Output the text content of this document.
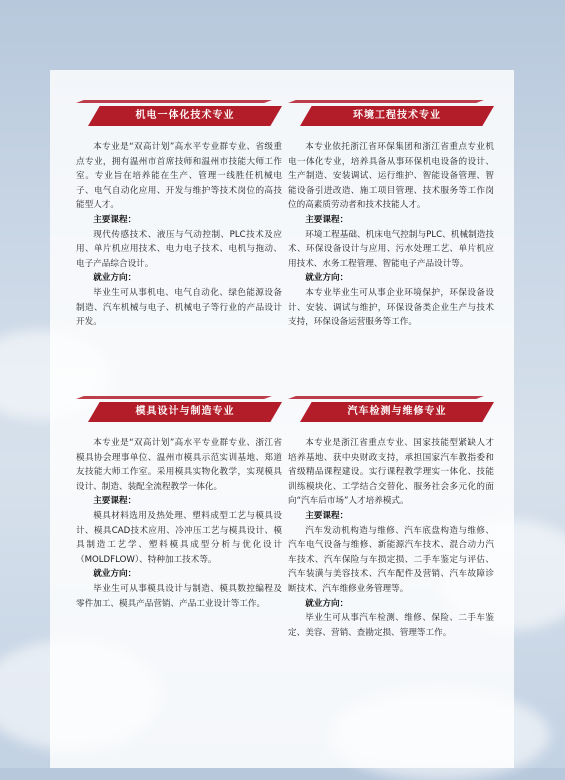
机电一体化技术专业

本专业是“双高计划”高水平专业群专业、省级重点专业，拥有温州市首席技师和温州市技能大师工作室。专业旨在培养能在生产、管理一线胜任机械电子、电气自动化应用、开发与维护等技术岗位的高技能型人才。

主要课程：

现代传感技术、液压与气动控制、PLC技术及应用、单片机应用技术、电力电子技术、电机与拖动、电子产品综合设计。

就业方向：

毕业生可从事机电、电气自动化、绿色能源设备制造、汽车机械与电子、机械电子等行业的产品设计开发。

环境工程技术专业

本专业依托浙江省环保集团和浙江省重点专业机电一体化专业，培养具备从事环保机电设备的设计、生产制造、安装调试、运行维护、智能设备管理、智能设备引进改造、施工项目管理、技术服务等工作岗位的高素质劳动者和技术技能人才。

主要课程：

环境工程基础、机床电气控制与PLC、机械制造技术、环保设备设计与应用、污水处理工艺、单片机应用技术、水务工程管理、智能电子产品设计等。

就业方向：

本专业毕业生可从事企业环境保护，环保设备设计、安装、调试与维护，环保设备类企业生产与技术支持，环保设备运营服务等工作。

模具设计与制造专业

本专业是“双高计划”高水平专业群专业、浙江省模具协会理事单位、温州市模具示范实训基地、郑道友技能大师工作室。采用模具实物化教学，实现模具设计、制造、装配全流程教学一体化。

主要课程：

模具材料选用及热处理、塑料成型工艺与模具设计、模具CAD技术应用、冷冲压工艺与模具设计、模具制造工艺学、塑料模具成型分析与优化设计（MOLDFLOW）、特种加工技术等。

就业方向：

毕业生可从事模具设计与制造、模具数控编程及零件加工、模具产品营销、产品工业设计等工作。

汽车检测与维修专业

本专业是浙江省重点专业、国家技能型紧缺人才培养基地、获中央财政支持，承担国家汽车教指委和省级精品课程建设。实行课程教学理实一体化、技能训练模块化、工学结合交替化、服务社会多元化的面向“汽车后市场”人才培养模式。

主要课程：

汽车发动机构造与维修、汽车底盘构造与维修、汽车电气设备与维修、新能源汽车技术、混合动力汽车技术、汽车保险与车损定损、二手车鉴定与评估、汽车装潢与美容技术、汽车配件及营销、汽车故障诊断技术、汽车维修业务管理等。

就业方向：

毕业生可从事汽车检测、维修、保险、二手车鉴定、美容、营销、查勘定损、管理等工作。
